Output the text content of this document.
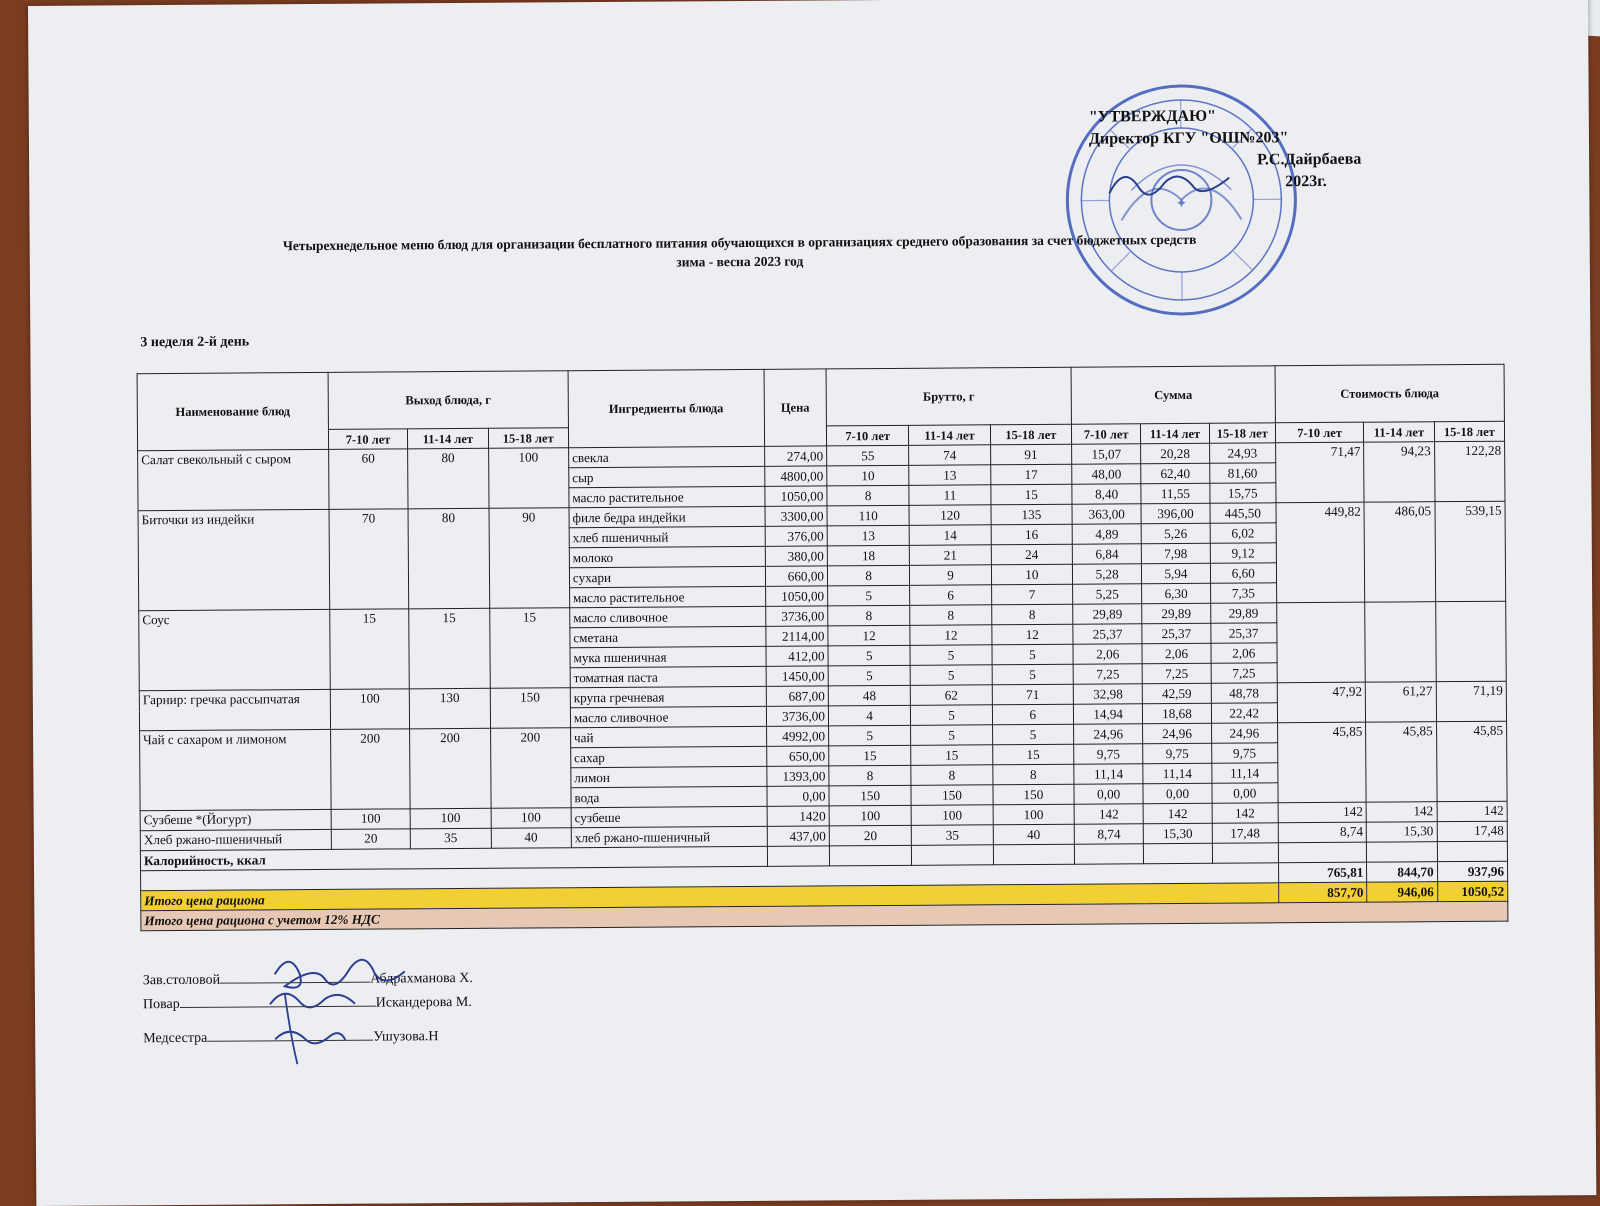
✦
"УТВЕРЖДАЮ"
Директор КГУ "ОШ№203"
Р.С.Дайрбаева
2023г.
Четырехнедельное меню блюд для организации бесплатного питания обучающихся в организациях среднего образования за счет бюджетных средств
зима - весна 2023 год
3 неделя 2-й день
Наименование блюд	Выход блюда, г			Ингредиенты блюда	Цена	Брутто, г			Сумма			Стоимость блюда		
	7-10 лет	11-14 лет	15-18 лет			7-10 лет	11-14 лет	15-18 лет	7-10 лет	11-14 лет	15-18 лет	7-10 лет	11-14 лет	15-18 лет
Салат свекольный с сыром	60	80	100	свекла	274,00	55	74	91	15,07	20,28	24,93	71,47	94,23	122,28
				сыр	4800,00	10	13	17	48,00	62,40	81,60			
				масло растительное	1050,00	8	11	15	8,40	11,55	15,75			
Биточки из индейки	70	80	90	филе бедра индейки	3300,00	110	120	135	363,00	396,00	445,50	449,82	486,05	539,15
				хлеб пшеничный	376,00	13	14	16	4,89	5,26	6,02			
				молоко	380,00	18	21	24	6,84	7,98	9,12			
				сухари	660,00	8	9	10	5,28	5,94	6,60			
				масло растительное	1050,00	5	6	7	5,25	6,30	7,35			
Соус	15	15	15	масло сливочное	3736,00	8	8	8	29,89	29,89	29,89			
				сметана	2114,00	12	12	12	25,37	25,37	25,37			
				мука пшеничная	412,00	5	5	5	2,06	2,06	2,06			
				томатная паста	1450,00	5	5	5	7,25	7,25	7,25			
Гарнир: гречка рассыпчатая	100	130	150	крупа гречневая	687,00	48	62	71	32,98	42,59	48,78	47,92	61,27	71,19
				масло сливочное	3736,00	4	5	6	14,94	18,68	22,42			
Чай с сахаром и лимоном	200	200	200	чай	4992,00	5	5	5	24,96	24,96	24,96	45,85	45,85	45,85
				сахар	650,00	15	15	15	9,75	9,75	9,75			
				лимон	1393,00	8	8	8	11,14	11,14	11,14			
				вода	0,00	150	150	150	0,00	0,00	0,00			
Сузбеше *(Йогурт)	100	100	100	сузбеше	1420	100	100	100	142	142	142	142	142	142
Хлеб ржано-пшеничный	20	35	40	хлеб ржано-пшеничный	437,00	20	35	40	8,74	15,30	17,48	8,74	15,30	17,48
Калорийность, ккал														
												765,81	844,70	937,96
Итого цена рациона												857,70	946,06	1050,52
Итого цена рациона с учетом 12% НДС														
Зав.столовой	Абдрахманова Х.
Повар	Искандерова М.
Медсестра	Ушузова.Н
